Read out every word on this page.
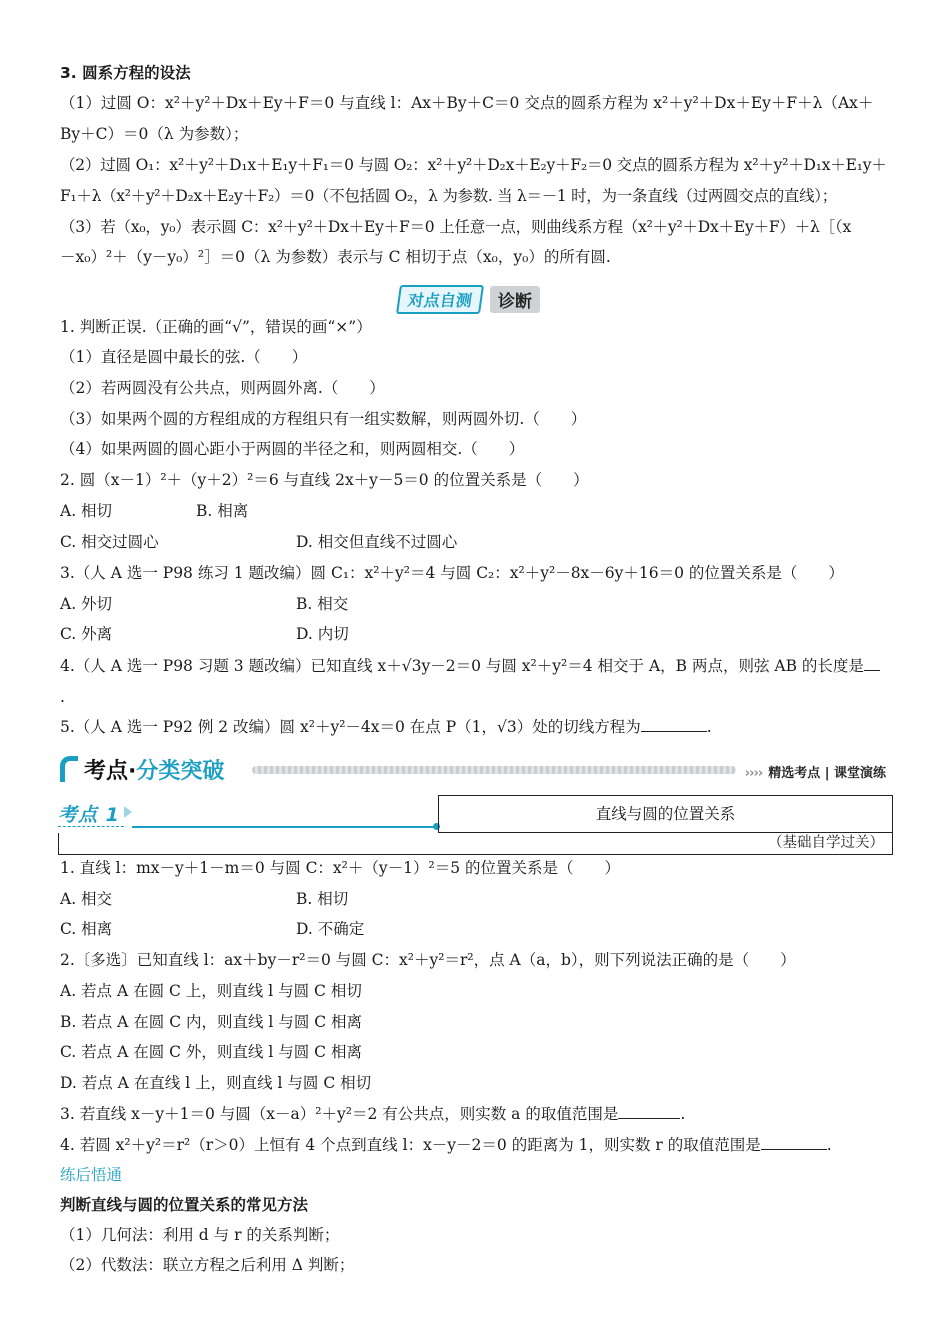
3. 圆系方程的设法
（1）过圆 O：x²＋y²＋Dx＋Ey＋F＝0 与直线 l：Ax＋By＋C＝0 交点的圆系方程为 x²＋y²＋Dx＋Ey＋F＋λ（Ax＋
By＋C）＝0（λ 为参数）；
（2）过圆 O₁：x²＋y²＋D₁x＋E₁y＋F₁＝0 与圆 O₂：x²＋y²＋D₂x＋E₂y＋F₂＝0 交点的圆系方程为 x²＋y²＋D₁x＋E₁y＋
F₁＋λ（x²＋y²＋D₂x＋E₂y＋F₂）＝0（不包括圆 O₂，λ 为参数. 当 λ＝－1 时，为一条直线（过两圆交点的直线）；
（3）若（x₀，y₀）表示圆 C：x²＋y²＋Dx＋Ey＋F＝0 上任意一点，则曲线系方程（x²＋y²＋Dx＋Ey＋F）＋λ［（x
－x₀）²＋（y－y₀）²］＝0（λ 为参数）表示与 C 相切于点（x₀，y₀）的所有圆.
对点自测	诊断
1. 判断正误.（正确的画“√”，错误的画“×”）
（1）直径是圆中最长的弦.（　　）
（2）若两圆没有公共点，则两圆外离.（　　）
（3）如果两个圆的方程组成的方程组只有一组实数解，则两圆外切.（　　）
（4）如果两圆的圆心距小于两圆的半径之和，则两圆相交.（　　）
2. 圆（x－1）²＋（y＋2）²＝6 与直线 2x＋y－5＝0 的位置关系是（　　）
A. 相切	B. 相离
C. 相交过圆心	D. 相交但直线不过圆心
3.（人 A 选一 P98 练习 1 题改编）圆 C₁：x²＋y²＝4 与圆 C₂：x²＋y²－8x－6y＋16＝0 的位置关系是（　　）
A. 外切	B. 相交
C. 外离	D. 内切
4.（人 A 选一 P98 习题 3 题改编）已知直线 x＋√3y－2＝0 与圆 x²＋y²＝4 相交于 A，B 两点，则弦 AB 的长度是
.
5.（人 A 选一 P92 例 2 改编）圆 x²＋y²－4x＝0 在点 P（1，√3）处的切线方程为	.
考点·分类突破	›››› 精选考点 | 课堂演练
考点 1	直线与圆的位置关系
（基础自学过关）
1. 直线 l：mx－y＋1－m＝0 与圆 C：x²＋（y－1）²＝5 的位置关系是（　　）
A. 相交	B. 相切
C. 相离	D. 不确定
2.〔多选〕已知直线 l：ax＋by－r²＝0 与圆 C：x²＋y²＝r²，点 A（a，b），则下列说法正确的是（　　）
A. 若点 A 在圆 C 上，则直线 l 与圆 C 相切
B. 若点 A 在圆 C 内，则直线 l 与圆 C 相离
C. 若点 A 在圆 C 外，则直线 l 与圆 C 相离
D. 若点 A 在直线 l 上，则直线 l 与圆 C 相切
3. 若直线 x－y＋1＝0 与圆（x－a）²＋y²＝2 有公共点，则实数 a 的取值范围是	.
4. 若圆 x²＋y²＝r²（r＞0）上恒有 4 个点到直线 l：x－y－2＝0 的距离为 1，则实数 r 的取值范围是	.
练后悟通
判断直线与圆的位置关系的常见方法
（1）几何法：利用 d 与 r 的关系判断；
（2）代数法：联立方程之后利用 Δ 判断；
